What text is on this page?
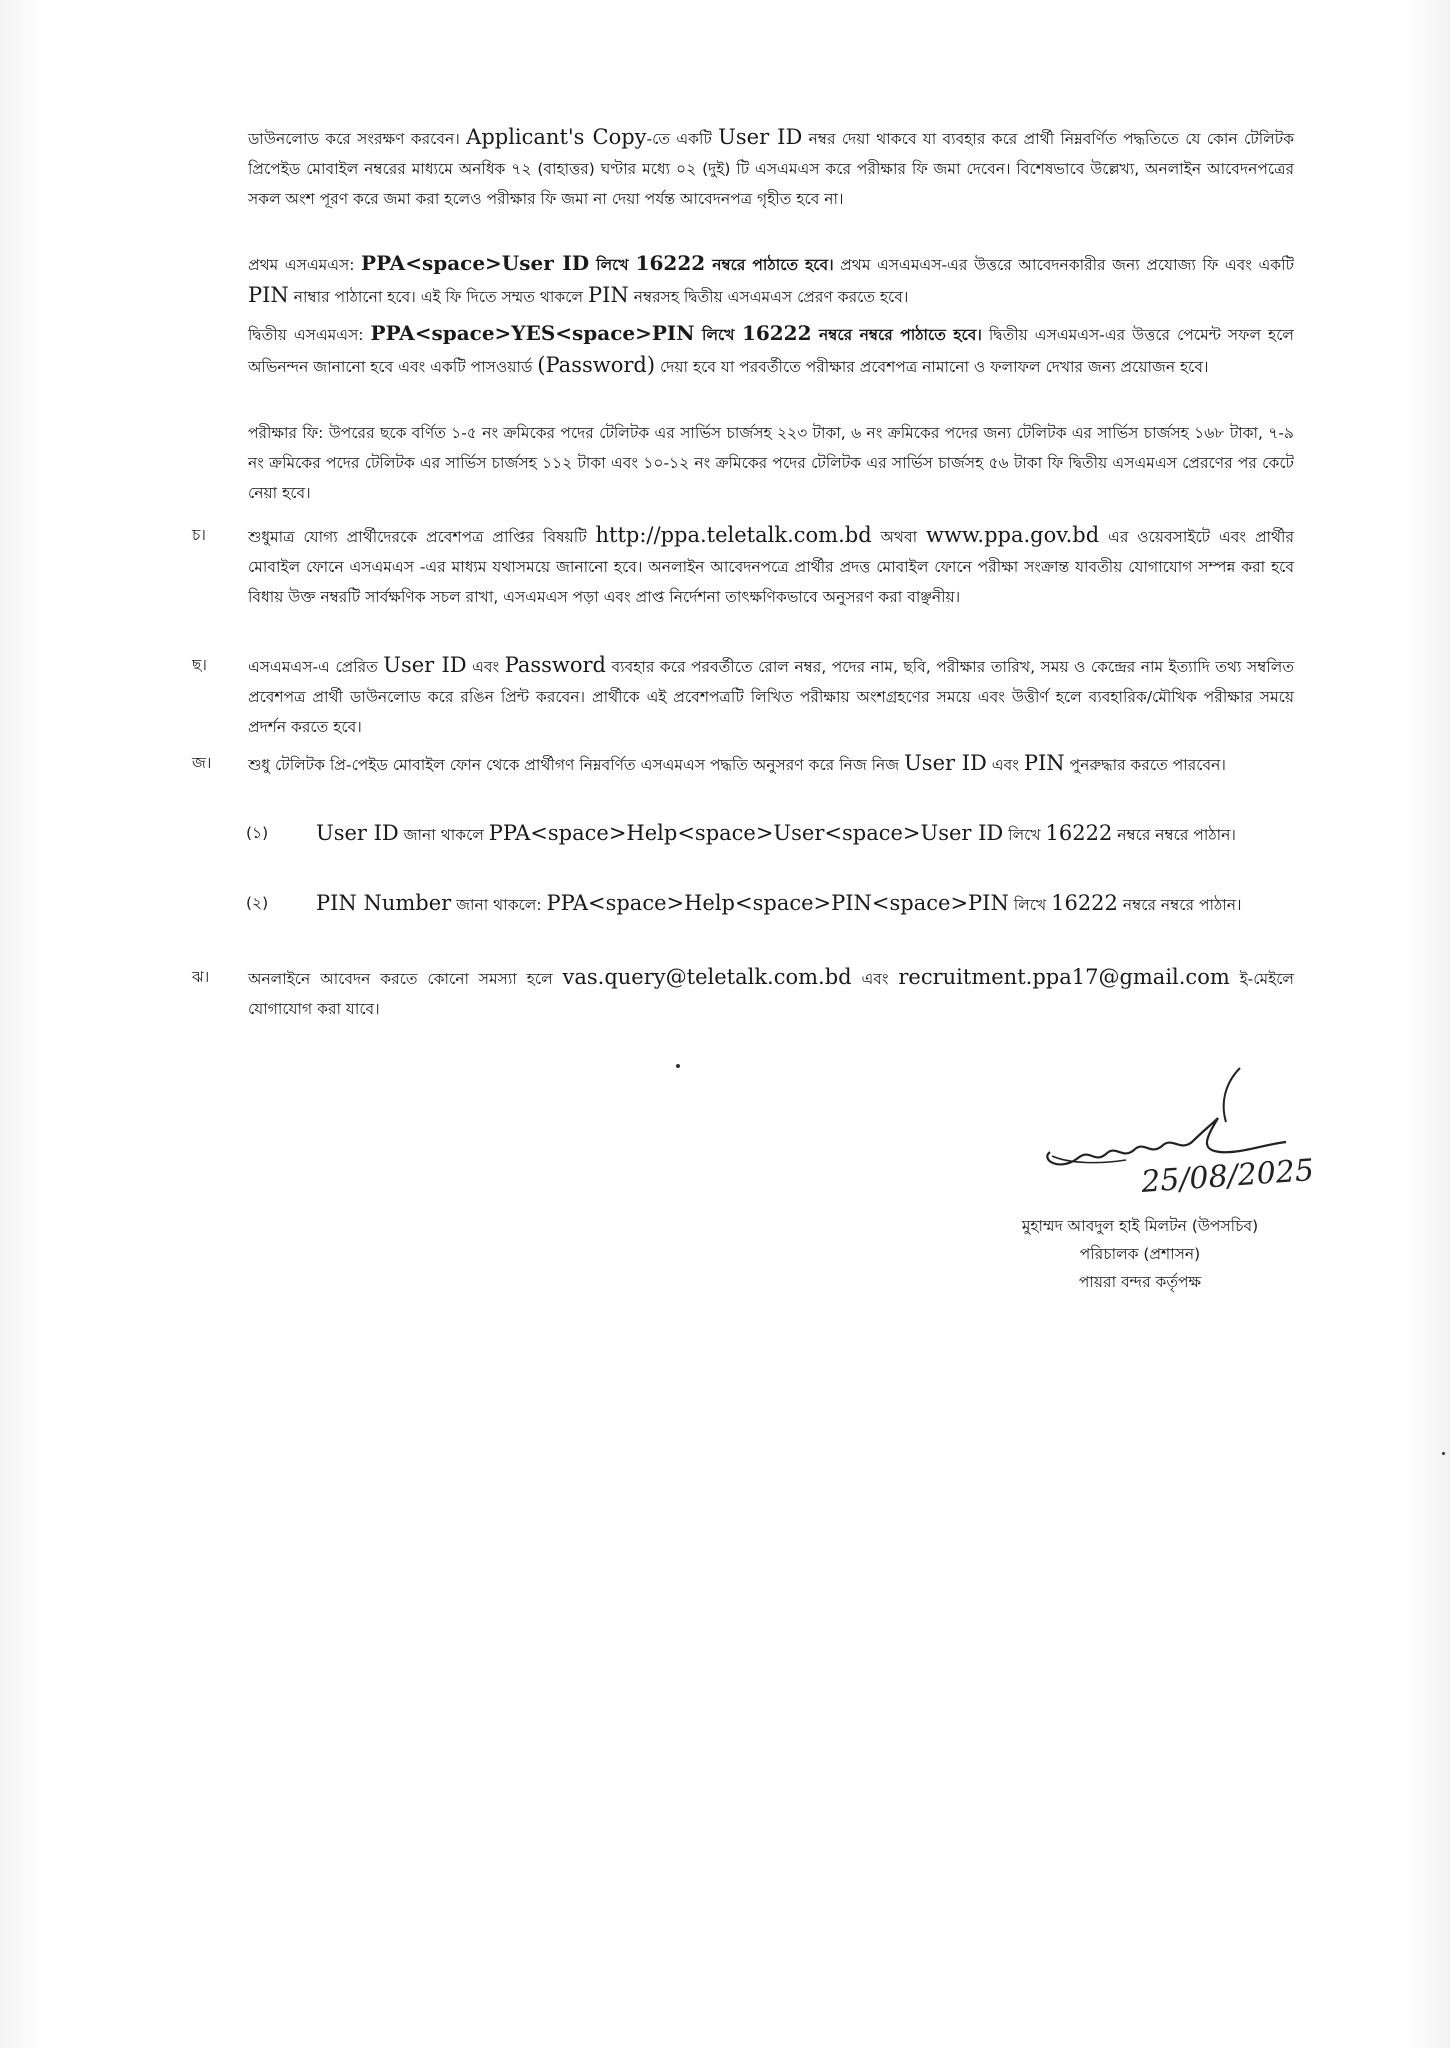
ডাউনলোড করে সংরক্ষণ করবেন। Applicant's Copy-তে একটি User ID নম্বর দেয়া থাকবে যা ব্যবহার করে প্রার্থী নিম্নবর্ণিত পদ্ধতিতে যে কোন টেলিটক প্রিপেইড মোবাইল নম্বরের মাধ্যমে অনধিক ৭২ (বাহাত্তর) ঘণ্টার মধ্যে ০২ (দুই) টি এসএমএস করে পরীক্ষার ফি জমা দেবেন। বিশেষভাবে উল্লেখ্য, অনলাইন আবেদনপত্রের সকল অংশ পূরণ করে জমা করা হলেও পরীক্ষার ফি জমা না দেয়া পর্যন্ত আবেদনপত্র গৃহীত হবে না।
প্রথম এসএমএস: PPA<space>User ID লিখে 16222 নম্বরে পাঠাতে হবে। প্রথম এসএমএস-এর উত্তরে আবেদনকারীর জন্য প্রযোজ্য ফি এবং একটি PIN নাম্বার পাঠানো হবে। এই ফি দিতে সম্মত থাকলে PIN নম্বরসহ দ্বিতীয় এসএমএস প্রেরণ করতে হবে।
দ্বিতীয় এসএমএস: PPA<space>YES<space>PIN লিখে 16222 নম্বরে নম্বরে পাঠাতে হবে। দ্বিতীয় এসএমএস-এর উত্তরে পেমেন্ট সফল হলে অভিনন্দন জানানো হবে এবং একটি পাসওয়ার্ড (Password) দেয়া হবে যা পরবর্তীতে পরীক্ষার প্রবেশপত্র নামানো ও ফলাফল দেখার জন্য প্রয়োজন হবে।
পরীক্ষার ফি: উপরের ছকে বর্ণিত ১-৫ নং ক্রমিকের পদের টেলিটক এর সার্ভিস চার্জসহ ২২৩ টাকা, ৬ নং ক্রমিকের পদের জন্য টেলিটক এর সার্ভিস চার্জসহ ১৬৮ টাকা, ৭-৯ নং ক্রমিকের পদের টেলিটক এর সার্ভিস চার্জসহ ১১২ টাকা এবং ১০-১২ নং ক্রমিকের পদের টেলিটক এর সার্ভিস চার্জসহ ৫৬ টাকা ফি দ্বিতীয় এসএমএস প্রেরণের পর কেটে নেয়া হবে।
চ।	শুধুমাত্র যোগ্য প্রার্থীদেরকে প্রবেশপত্র প্রাপ্তির বিষয়টি http://ppa.teletalk.com.bd অথবা www.ppa.gov.bd এর ওয়েবসাইটে এবং প্রার্থীর মোবাইল ফোনে এসএমএস -এর মাধ্যম যথাসময়ে জানানো হবে। অনলাইন আবেদনপত্রে প্রার্থীর প্রদত্ত মোবাইল ফোনে পরীক্ষা সংক্রান্ত যাবতীয় যোগাযোগ সম্পন্ন করা হবে বিধায় উক্ত নম্বরটি সার্বক্ষণিক সচল রাখা, এসএমএস পড়া এবং প্রাপ্ত নির্দেশনা তাৎক্ষণিকভাবে অনুসরণ করা বাঞ্ছনীয়।
ছ।	এসএমএস-এ প্রেরিত User ID এবং Password ব্যবহার করে পরবর্তীতে রোল নম্বর, পদের নাম, ছবি, পরীক্ষার তারিখ, সময় ও কেন্দ্রের নাম ইত্যাদি তথ্য সম্বলিত প্রবেশপত্র প্রার্থী ডাউনলোড করে রঙিন প্রিন্ট করবেন। প্রার্থীকে এই প্রবেশপত্রটি লিখিত পরীক্ষায় অংশগ্রহণের সময়ে এবং উত্তীর্ণ হলে ব্যবহারিক/মৌখিক পরীক্ষার সময়ে প্রদর্শন করতে হবে।
জ।	শুধু টেলিটক প্রি-পেইড মোবাইল ফোন থেকে প্রার্থীগণ নিম্নবর্ণিত এসএমএস পদ্ধতি অনুসরণ করে নিজ নিজ User ID এবং PIN পুনরুদ্ধার করতে পারবেন।
(১) User ID জানা থাকলে PPA<space>Help<space>User<space>User ID লিখে 16222 নম্বরে নম্বরে পাঠান।
(২) PIN Number জানা থাকলে: PPA<space>Help<space>PIN<space>PIN লিখে 16222 নম্বরে নম্বরে পাঠান।
ঝ।	অনলাইনে আবেদন করতে কোনো সমস্যা হলে vas.query@teletalk.com.bd এবং recruitment.ppa17@gmail.com ই-মেইলে যোগাযোগ করা যাবে।
25/08/2025
মুহাম্মদ আবদুল হাই মিলটন (উপসচিব)
পরিচালক (প্রশাসন)
পায়রা বন্দর কর্তৃপক্ষ
